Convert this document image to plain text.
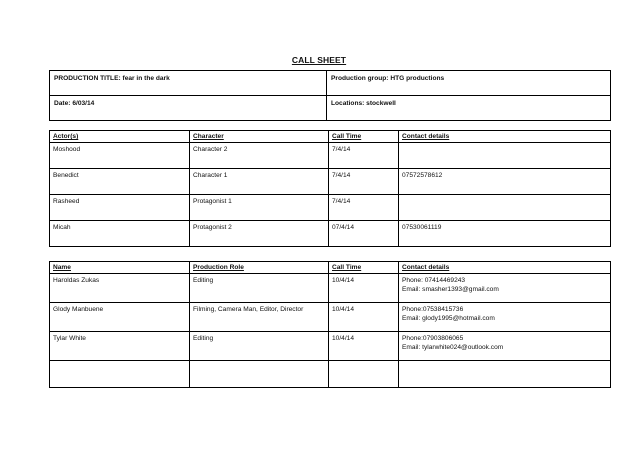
CALL SHEET
PRODUCTION TITLE: fear in the dark	Production group: HTG productions
Date: 6/03/14	Locations: stockwell
Actor(s)	Character	Call Time	Contact details
Moshood	Character 2	7/4/14	
Benedict	Character 1	7/4/14	07572578612
Rasheed	Protagonist 1	7/4/14	
Micah	Protagonist 2	07/4/14	07530061119
Name	Production Role	Call Time	Contact details
Haroldas Zukas	Editing	10/4/14	Phone: 07414469243
Email: smasher1393@gmail.com

Glody Manbuene	Filming, Camera Man, Editor, Director	10/4/14	Phone:07538415736
Email: glody1995@hotmail.com

Tylar White	Editing	10/4/14	Phone:07903806065
Email: tylarwhite024@outlook.com
